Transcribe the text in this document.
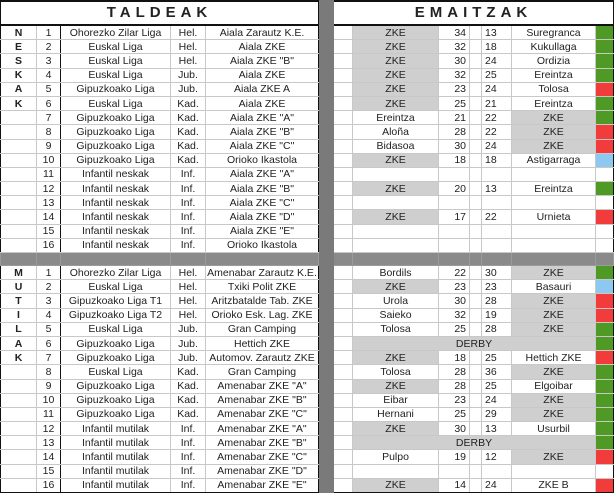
TALDEAK						EMAITZAK						
N	1	Ohorezko Zilar Liga	Hel.	Aiala Zarautz K.E.			ZKE	34		13	Suregranca	
E	2	Euskal Liga	Hel.	Aiala ZKE			ZKE	32		18	Kukullaga	
S	3	Euskal Liga	Hel.	Aiala ZKE "B"			ZKE	30		24	Ordizia	
K	4	Euskal Liga	Jub.	Aiala ZKE			ZKE	32		25	Ereintza	
A	5	Gipuzkoako Liga	Jub.	Aiala ZKE A			ZKE	23		24	Tolosa	
K	6	Euskal Liga	Kad.	Aiala ZKE			ZKE	25		21	Ereintza	
	7	Gipuzkoako Liga	Kad.	Aiala ZKE "A"			Ereintza	21		22	ZKE	
	8	Gipuzkoako Liga	Kad.	Aiala ZKE "B"			Aloña	28		22	ZKE	
	9	Gipuzkoako Liga	Kad.	Aiala ZKE "C"			Bidasoa	30		24	ZKE	
	10	Gipuzkoako Liga	Kad.	Orioko Ikastola			ZKE	18		18	Astigarraga	
	11	Infantil neskak	Inf.	Aiala ZKE "A"								
	12	Infantil neskak	Inf.	Aiala ZKE "B"			ZKE	20		13	Ereintza	
	13	Infantil neskak	Inf.	Aiala ZKE "C"								
	14	Infantil neskak	Inf.	Aiala ZKE "D"			ZKE	17		22	Urnieta	
	15	Infantil neskak	Inf.	Aiala ZKE "E"								
	16	Infantil neskak	Inf.	Orioko Ikastola								

M	1	Ohorezko Zilar Liga	Hel.	Amenabar Zarautz K.E.			Bordils	22		30	ZKE	
U	2	Euskal Liga	Hel.	Txiki Polit ZKE			ZKE	23		23	Basauri	
T	3	Gipuzkoako Liga T1	Hel.	Aritzbatalde Tab. ZKE			Urola	30		28	ZKE	
I	4	Gipuzkoako Liga T2	Hel.	Orioko Esk. Lag. ZKE			Saieko	32		19	ZKE	
L	5	Euskal Liga	Jub.	Gran Camping			Tolosa	25		28	ZKE	
A	6	Gipuzkoako Liga	Jub.	Hettich ZKE			DERBY					
K	7	Gipuzkoako Liga	Jub.	Automov. Zarautz ZKE			ZKE	18		25	Hettich ZKE	
	8	Euskal Liga	Kad.	Gran Camping			Tolosa	28		36	ZKE	
	9	Gipuzkoako Liga	Kad.	Amenabar ZKE "A"			ZKE	28		25	Elgoibar	
	10	Gipuzkoako Liga	Kad.	Amenabar ZKE "B"			Eibar	23		24	ZKE	
	11	Gipuzkoako Liga	Kad.	Amenabar ZKE "C"			Hernani	25		29	ZKE	
	12	Infantil mutilak	Inf.	Amenabar ZKE "A"			ZKE	30		13	Usurbil	
	13	Infantil mutilak	Inf.	Amenabar ZKE "B"			DERBY					
	14	Infantil mutilak	Inf.	Amenabar ZKE "C"			Pulpo	19		12	ZKE	
	15	Infantil mutilak	Inf.	Amenabar ZKE "D"								
	16	Infantil mutilak	Inf.	Amenabar ZKE "E"			ZKE	14		24	ZKE B	
